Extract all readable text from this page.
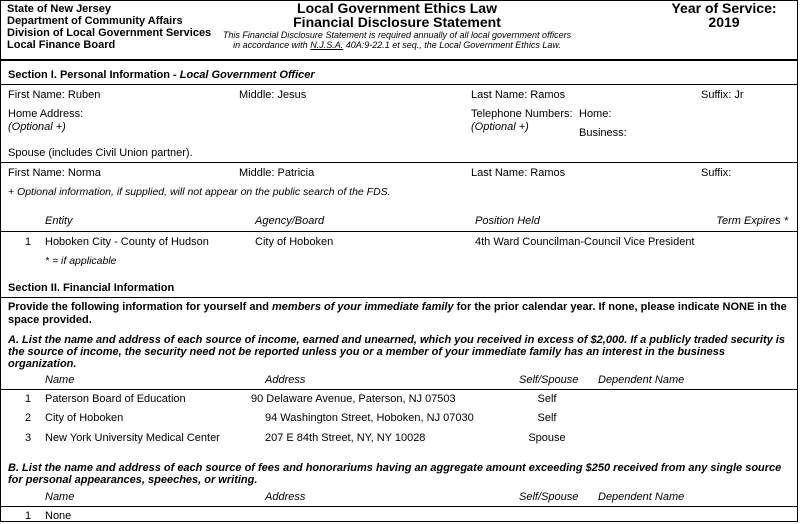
State of New Jersey
Department of Community Affairs
Division of Local Government Services
Local Finance Board
Local Government Ethics Law
Financial Disclosure Statement
This Financial Disclosure Statement is required annually of all local government officers
in accordance with N.J.S.A. 40A:9-22.1 et seq., the Local Government Ethics Law.
Year of Service:
2019
Section I. Personal Information - Local Government Officer
First Name: Ruben	Middle: Jesus	Last Name: Ramos	Suffix: Jr
Home Address:
(Optional +)
Telephone Numbers:
(Optional +)
Home:
Business:
Spouse (includes Civil Union partner).
First Name: Norma	Middle: Patricia	Last Name: Ramos	Suffix:
+ Optional information, if supplied, will not appear on the public search of the FDS.
Entity	Agency/Board	Position Held	Term Expires *
1 Hoboken City - County of Hudson	City of Hoboken	4th Ward Councilman-Council Vice President
* = if applicable
Section II. Financial Information
Provide the following information for yourself and members of your immediate family for the prior calendar year. If none, please indicate NONE in the space provided.
A. List the name and address of each source of income, earned and unearned, which you received in excess of $2,000. If a publicly traded security is the source of income, the security need not be reported unless you or a member of your immediate family has an interest in the business organization.
Name	Address	Self/Spouse Dependent Name
1 Paterson Board of Education	90 Delaware Avenue, Paterson, NJ 07503	Self
2 City of Hoboken	94 Washington Street, Hoboken, NJ 07030	Self
3 New York University Medical Center	207 E 84th Street, NY, NY 10028	Spouse
B. List the name and address of each source of fees and honorariums having an aggregate amount exceeding $250 received from any single source for personal appearances, speeches, or writing.
Name	Address	Self/Spouse Dependent Name
1 None
